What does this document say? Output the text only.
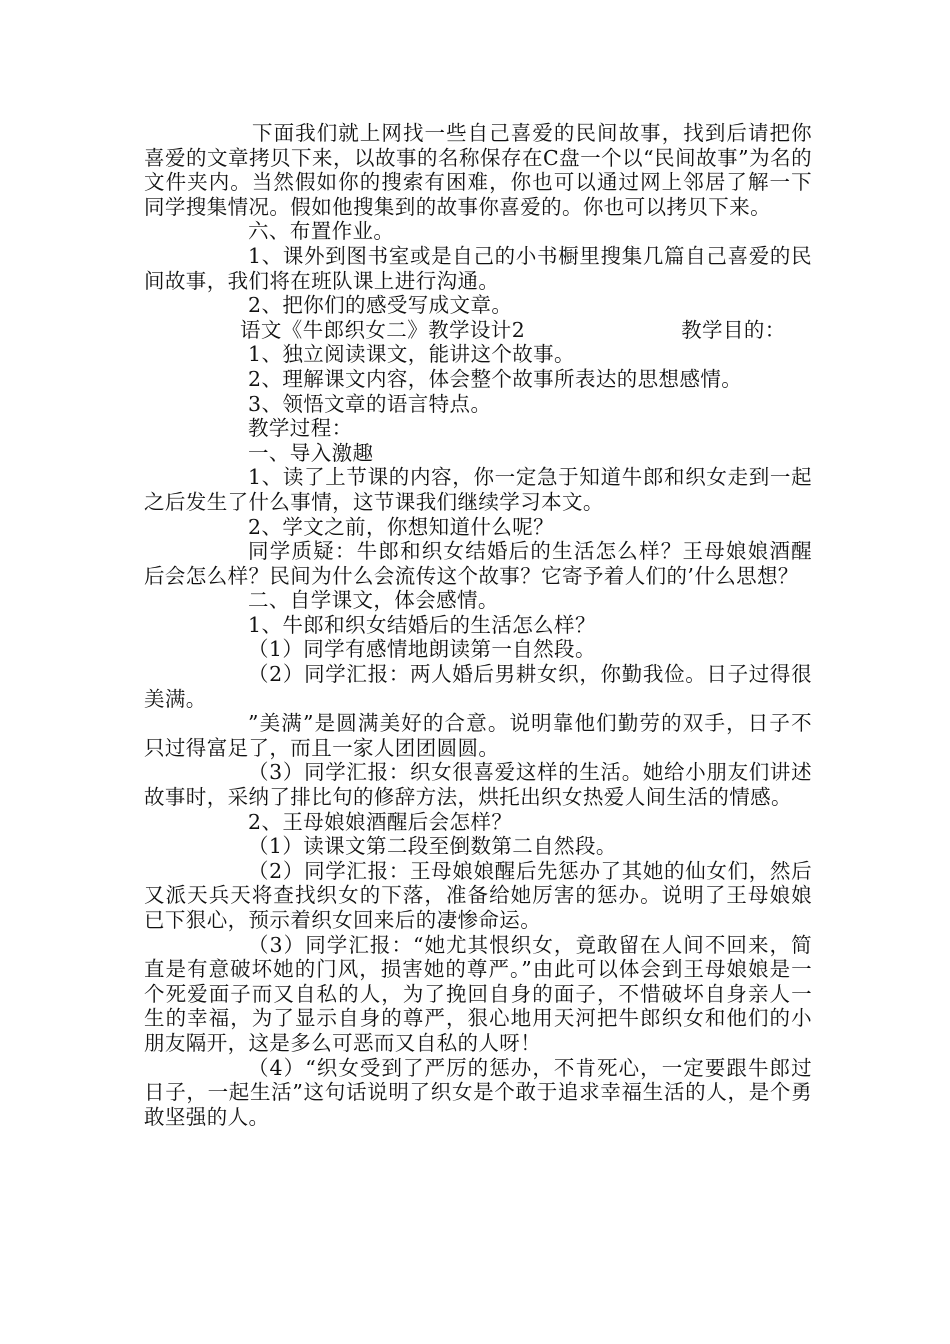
下面我们就上网找一些自己喜爱的民间故事，找到后请把你喜爱的文章拷贝下来，以故事的名称保存在C盘一个以“民间故事”为名的文件夹内。当然假如你的搜索有困难，你也可以通过网上邻居了解一下同学搜集情况。假如他搜集到的故事你喜爱的。你也可以拷贝下来。

六、布置作业。

1、课外到图书室或是自己的小书橱里搜集几篇自己喜爱的民间故事，我们将在班队课上进行沟通。

2、把你们的感受写成文章。

语文《牛郎织女二》教学设计2	教学目的：

1、独立阅读课文，能讲这个故事。

2、理解课文内容，体会整个故事所表达的思想感情。

3、领悟文章的语言特点。

教学过程：

一、导入激趣

1、读了上节课的内容，你一定急于知道牛郎和织女走到一起之后发生了什么事情，这节课我们继续学习本文。

2、学文之前，你想知道什么呢？

同学质疑：牛郎和织女结婚后的生活怎么样？王母娘娘酒醒后会怎么样？民间为什么会流传这个故事？它寄予着人们的’什么思想？

二、自学课文，体会感情。

1、牛郎和织女结婚后的生活怎么样？

（1）同学有感情地朗读第一自然段。

（2）同学汇报：两人婚后男耕女织，你勤我俭。日子过得很美满。

”美满”是圆满美好的合意。说明靠他们勤劳的双手，日子不只过得富足了，而且一家人团团圆圆。

（3）同学汇报：织女很喜爱这样的生活。她给小朋友们讲述故事时，采纳了排比句的修辞方法，烘托出织女热爱人间生活的情感。

2、王母娘娘酒醒后会怎样？

（1）读课文第二段至倒数第二自然段。

（2）同学汇报：王母娘娘醒后先惩办了其她的仙女们，然后又派天兵天将查找织女的下落，准备给她厉害的惩办。说明了王母娘娘已下狠心，预示着织女回来后的凄惨命运。

（3）同学汇报：“她尤其恨织女，竟敢留在人间不回来，简直是有意破坏她的门风，损害她的尊严。”由此可以体会到王母娘娘是一个死爱面子而又自私的人，为了挽回自身的面子，不惜破坏自身亲人一生的幸福，为了显示自身的尊严，狠心地用天河把牛郎织女和他们的小朋友隔开，这是多么可恶而又自私的人呀！

（4）“织女受到了严厉的惩办，不肯死心，一定要跟牛郎过日子，一起生活”这句话说明了织女是个敢于追求幸福生活的人，是个勇敢坚强的人。
